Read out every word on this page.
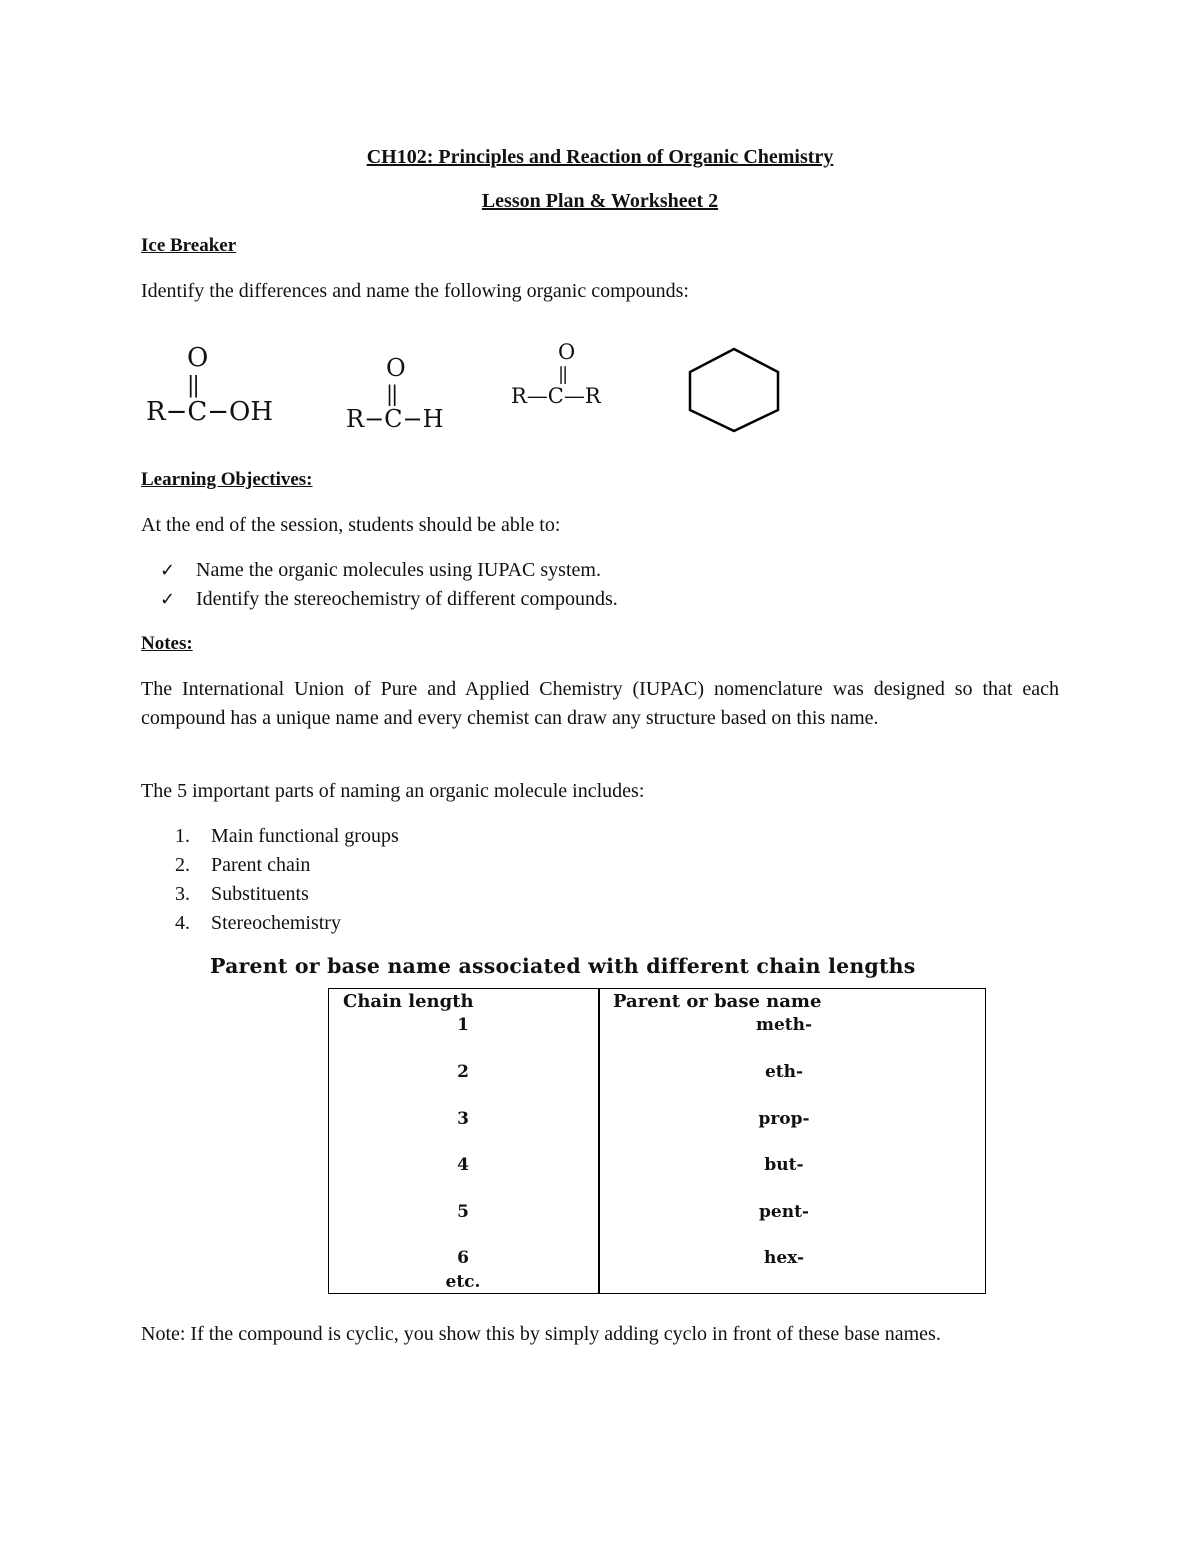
CH102: Principles and Reaction of Organic Chemistry
Lesson Plan & Worksheet 2
Ice Breaker
Identify the differences and name the following organic compounds:
O
||
R−C−OH
O
||
R−C−H
O
||
R—C—R
Learning Objectives:
At the end of the session, students should be able to:
✓	Name the organic molecules using IUPAC system.
✓	Identify the stereochemistry of different compounds.
Notes:
The International Union of Pure and Applied Chemistry (IUPAC) nomenclature was designed so that each compound has a unique name and every chemist can draw any structure based on this name.
The 5 important parts of naming an organic molecule includes:
1.	Main functional groups
2.	Parent chain
3.	Substituents
4.	Stereochemistry
Parent or base name associated with different chain lengths
Chain length	Parent or base name
1	meth-
2	eth-
3	prop-
4	but-
5	pent-
6	hex-
etc.
Note: If the compound is cyclic, you show this by simply adding cyclo in front of these base names.
